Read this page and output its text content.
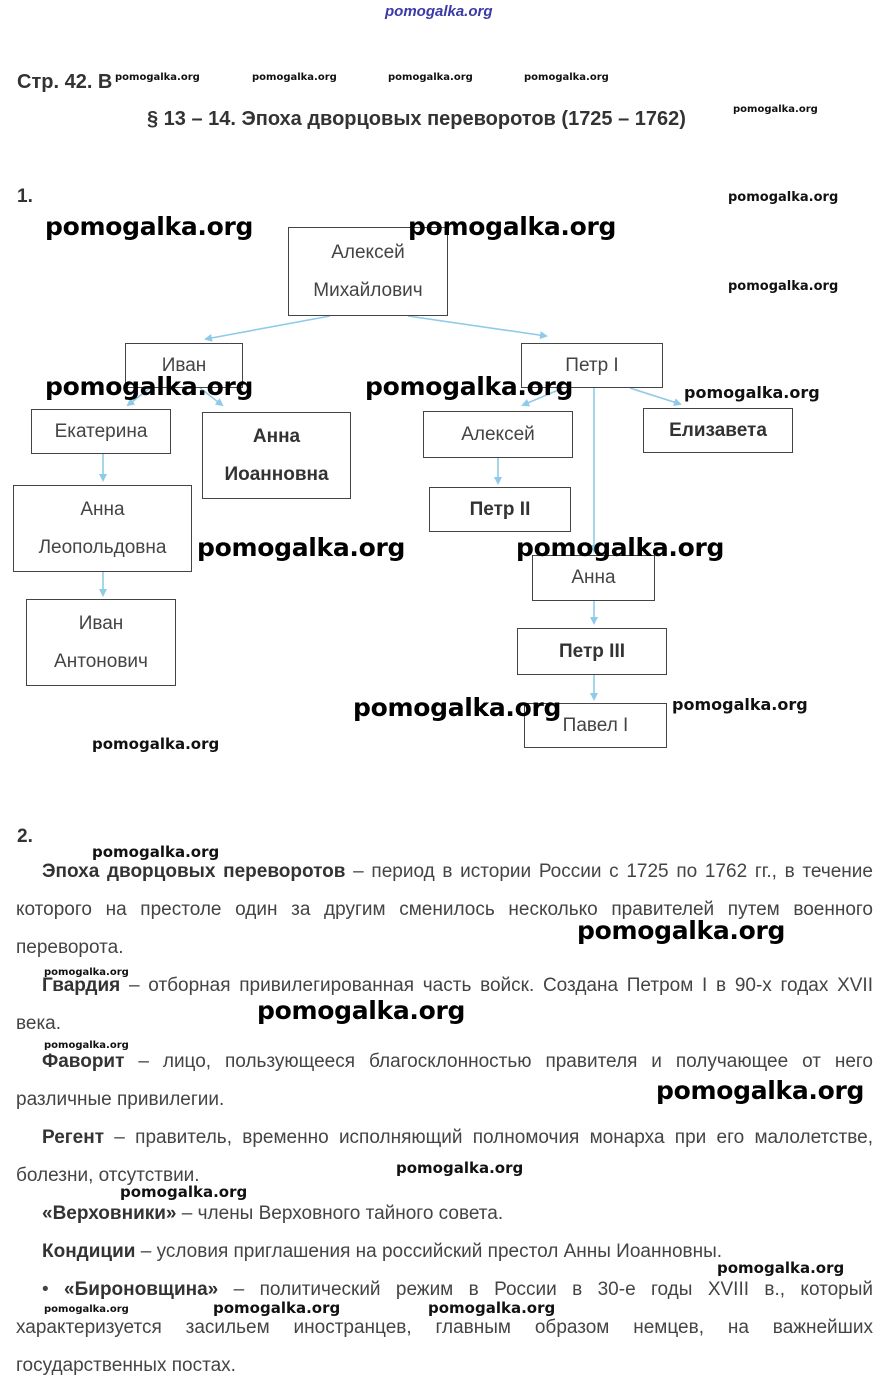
pomogalka.org
Стр. 42. В
§ 13 – 14. Эпоха дворцовых переворотов (1725 – 1762)
pomogalka.org	pomogalka.org	pomogalka.org	pomogalka.org
pomogalka.org
1.
Алексей
Михайлович
Иван	Петр I
Екатерина	Анна
Иоанновна
Алексей	Елизавета
Анна
Леопольдовна
Петр II
Анна
Иван
Антонович	Петр III
Павел I
pomogalka.org
pomogalka.org	pomogalka.org
pomogalka.org
pomogalka.org	pomogalka.org	pomogalka.org
pomogalka.org	pomogalka.org
pomogalka.org	pomogalka.org
pomogalka.org
2.
Эпоха дворцовых переворотов – период в истории России с 1725 по 1762 гг., в течение которого на престоле один за другим сменилось несколько правителей путем военного переворота.
Гвардия – отборная привилегированная часть войск. Создана Петром I в 90-х годах XVII века.
Фаворит – лицо, пользующееся благосклонностью правителя и получающее от него различные привилегии.
Регент – правитель, временно исполняющий полномочия монарха при его малолетстве, болезни, отсутствии.
«Верховники» – члены Верховного тайного совета.
Кондиции – условия приглашения на российский престол Анны Иоанновны.
• «Бироновщина» – политический режим в России в 30-е годы XVIII в., который характеризуется засильем иностранцев, главным образом немцев, на важнейших государственных постах.
pomogalka.org
pomogalka.org
pomogalka.org
pomogalka.org
pomogalka.org
pomogalka.org
pomogalka.org
pomogalka.org
pomogalka.org
pomogalka.org	pomogalka.org	pomogalka.org
